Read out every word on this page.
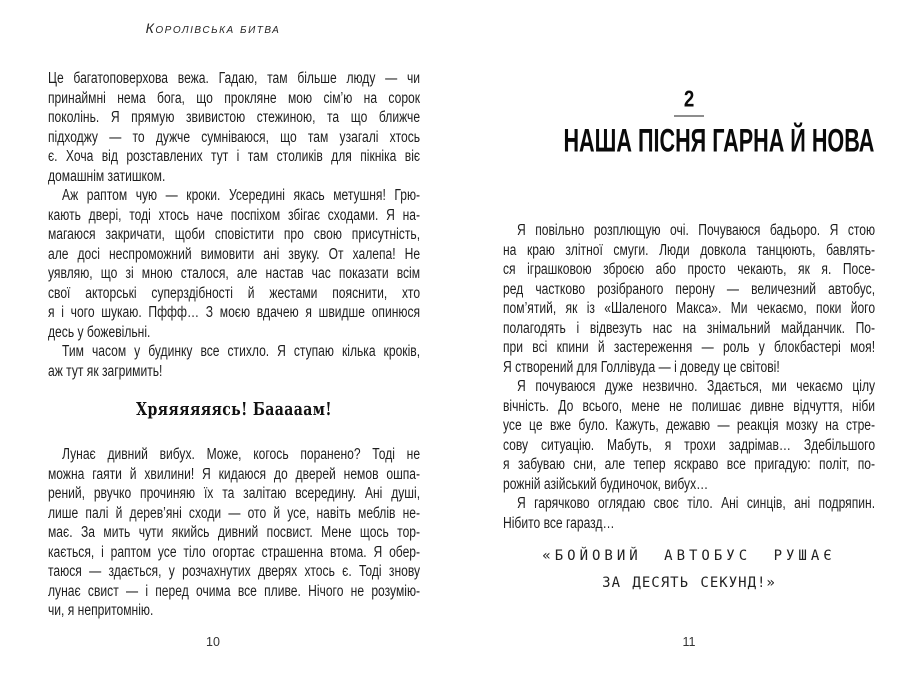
Королівська битва
Це багатоповерхова вежа. Гадаю, там більше люду — чи
принаймні нема бога, що прокляне мою сім’ю на сорок
поколінь. Я прямую звивистою стежиною, та що ближче
підходжу — то дужче сумніваюся, що там узагалі хтось
є. Хоча від розставлених тут і там столиків для пікніка віє
домашнім затишком.
Аж раптом чую — кроки. Усередині якась метушня! Грю-
кають двері, тоді хтось наче поспіхом збігає сходами. Я на-
магаюся закричати, щоби сповістити про свою присутність,
але досі неспроможний вимовити ані звуку. От халепа! Не
уявляю, що зі мною сталося, але настав час показати всім
свої акторські суперздібності й жестами пояснити, хто
я і чого шукаю. Пффф… З моєю вдачею я швидше опинюся
десь у божевільні.
Тим часом у будинку все стихло. Я ступаю кілька кроків,
аж тут як загримить!
Хряяяяяясь! Бааааам!
Лунає дивний вибух. Може, когось поранено? Тоді не
можна гаяти й хвилини! Я кидаюся до дверей немов ошпа-
рений, рвучко прочиняю їх та залітаю всередину. Ані душі,
лише палі й дерев’яні сходи — ото й усе, навіть меблів не-
має. За мить чути якийсь дивний посвист. Мене щось тор-
кається, і раптом усе тіло огортає страшенна втома. Я обер-
таюся — здається, у розчахнутих дверях хтось є. Тоді знову
лунає свист — і перед очима все пливе. Нічого не розумію-
чи, я непритомнію.
10
2
НАША ПІСНЯ ГАРНА Й НОВА
Я повільно розплющую очі. Почуваюся бадьоро. Я стою
на краю злітної смуги. Люди довкола танцюють, бавлять-
ся іграшковою зброєю або просто чекають, як я. Посе-
ред частково розібраного перону — величезний автобус,
пом’ятий, як із «Шаленого Макса». Ми чекаємо, поки його
полагодять і відвезуть нас на знімальний майданчик. По-
при всі кпини й застереження — роль у блокбастері моя!
Я створений для Голлівуда — і доведу це світові!
Я почуваюся дуже незвично. Здається, ми чекаємо цілу
вічність. До всього, мене не полишає дивне відчуття, ніби
усе це вже було. Кажуть, дежавю — реакція мозку на стре-
сову ситуацію. Мабуть, я трохи задрімав… Здебільшого
я забуваю сни, але тепер яскраво все пригадую: політ, по-
рожній азійський будиночок, вибух…
Я гарячково оглядаю своє тіло. Ані синців, ані подряпин.
Нібито все гаразд…
«БОЙОВИЙ АВТОБУС РУШАЄ
ЗА ДЕСЯТЬ СЕКУНД!»
11
